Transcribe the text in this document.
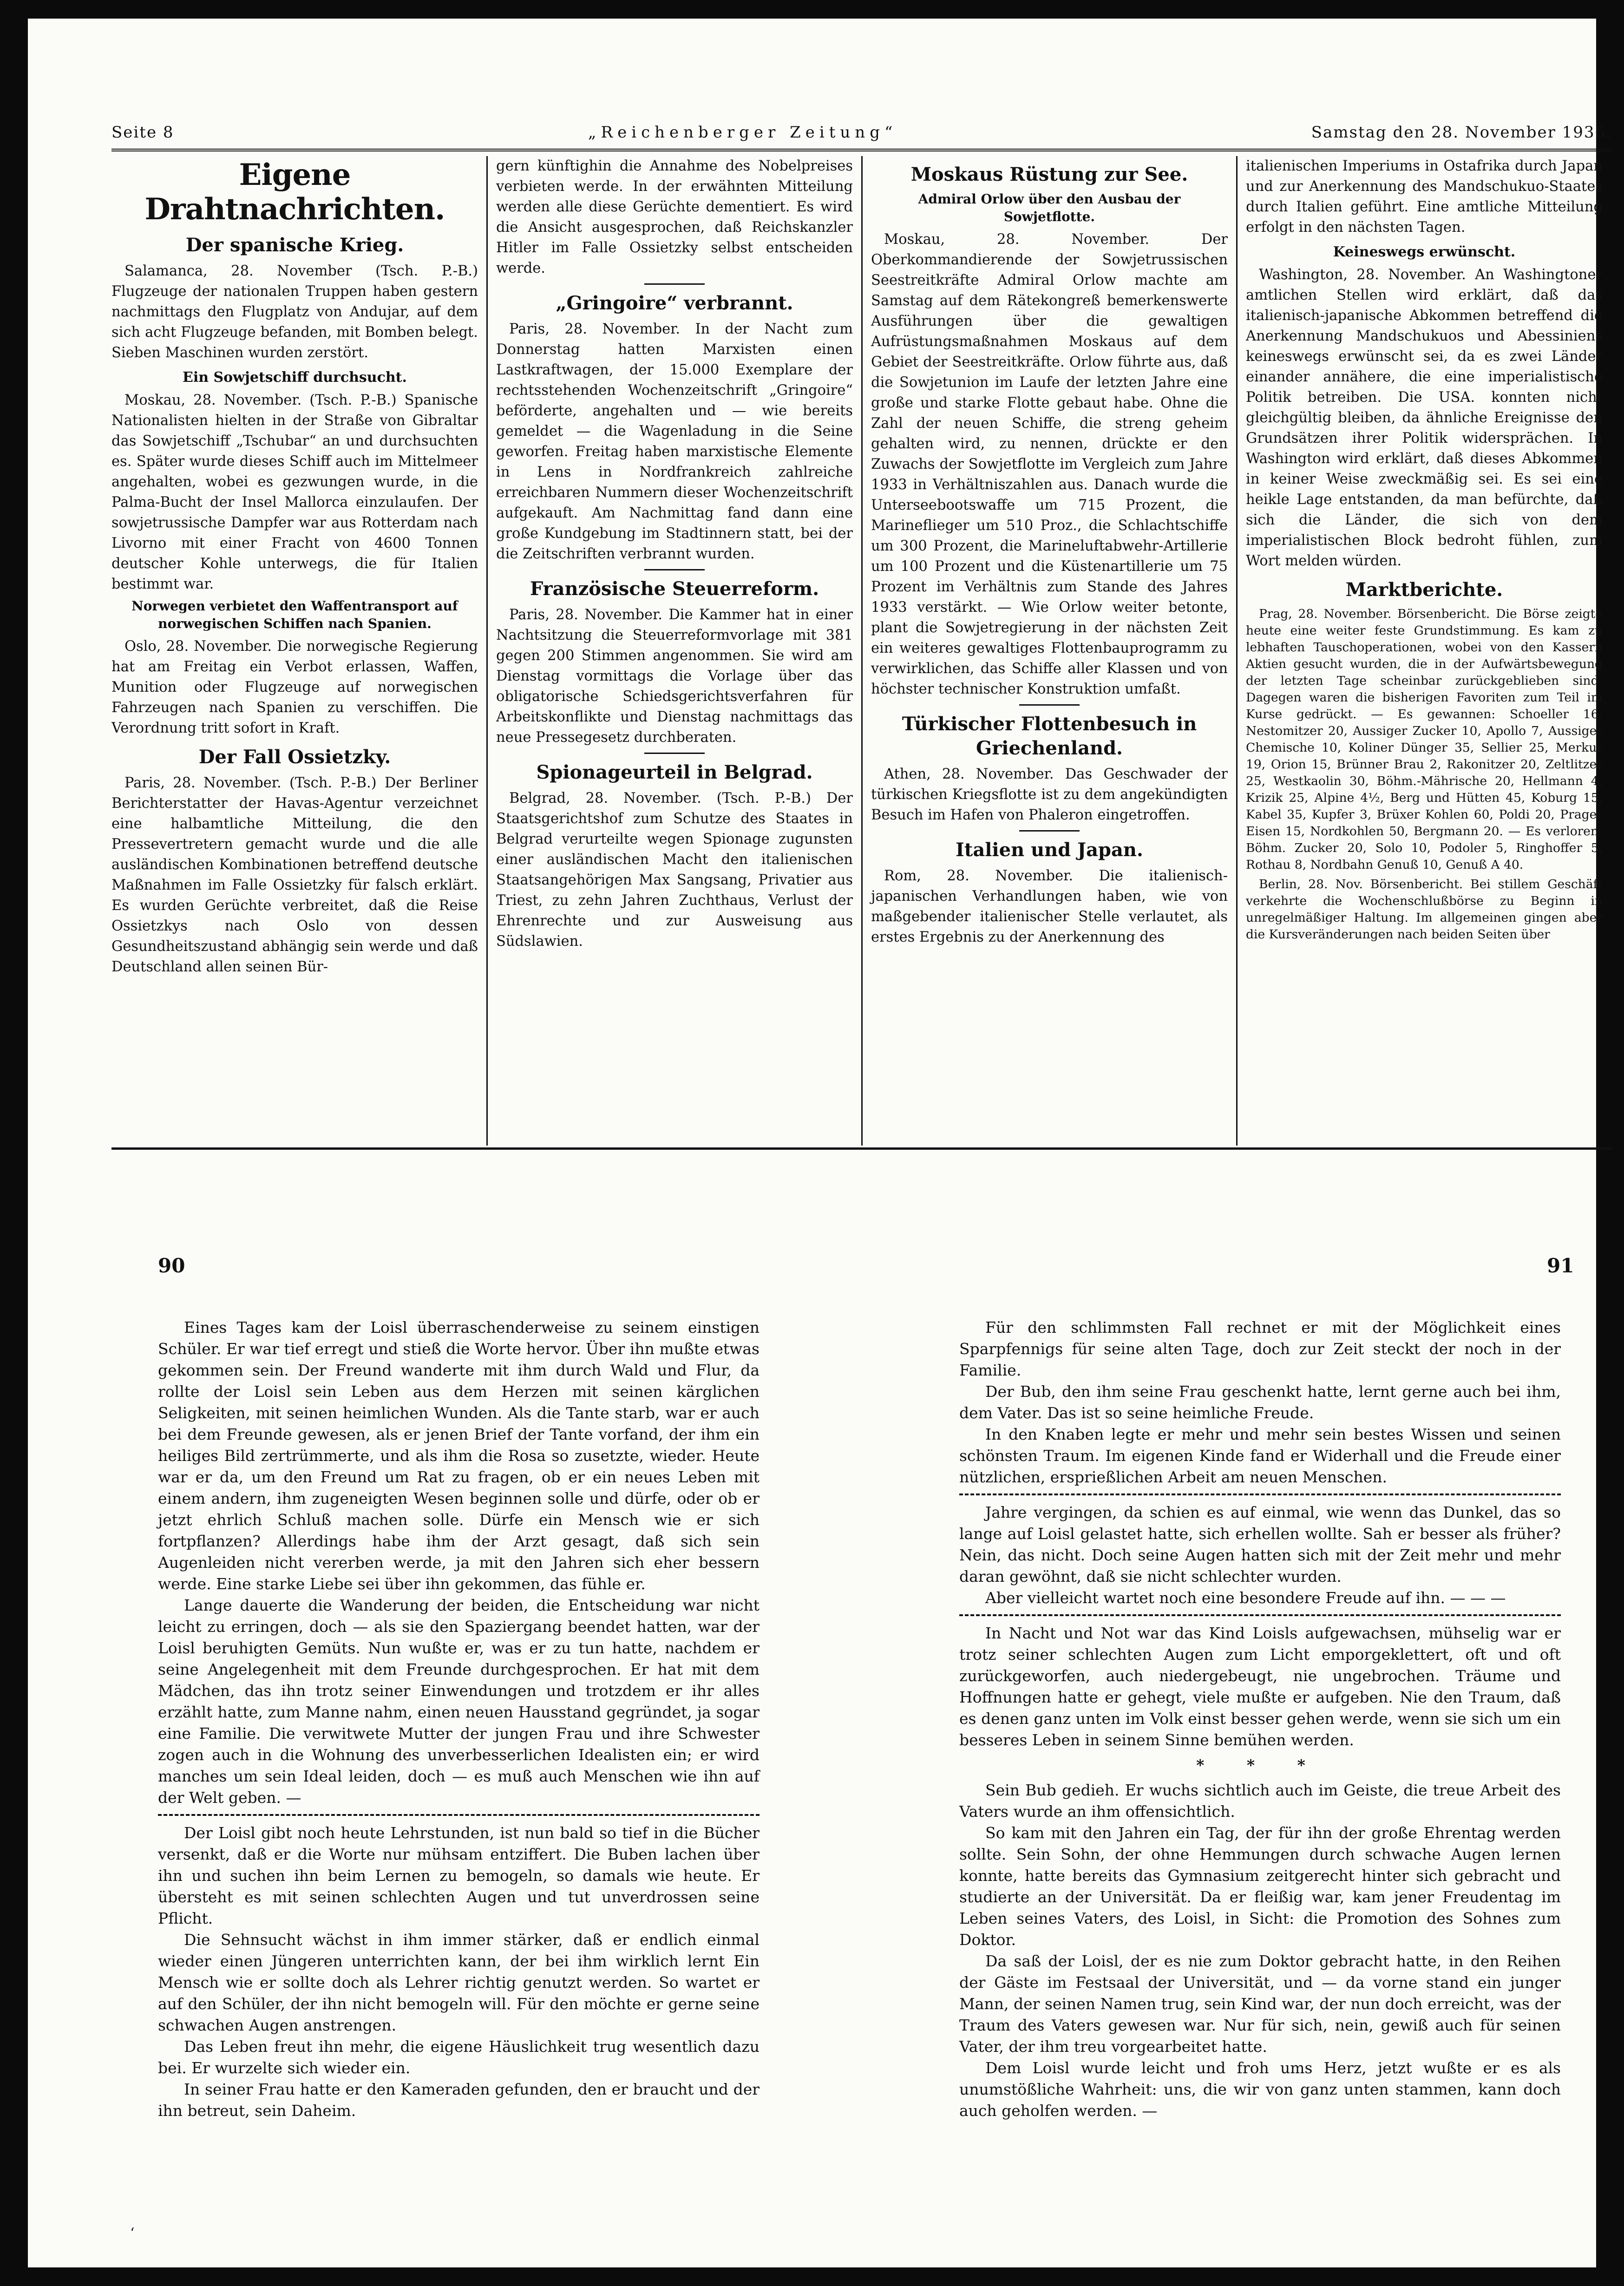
Seite 8	„Reichenberger Zeitung“	Samstag den 28. November 1936.
Eigene Drahtnachrichten.
Der spanische Krieg.

Salamanca, 28. November (Tsch. P.-B.) Flugzeuge der nationalen Truppen haben gestern nachmittags den Flugplatz von Andujar, auf dem sich acht Flugzeuge befanden, mit Bomben belegt. Sieben Maschinen wurden zerstört.

Ein Sowjetschiff durchsucht.

Moskau, 28. November. (Tsch. P.-B.) Spanische Nationalisten hielten in der Straße von Gibraltar das Sowjetschiff „Tschubar“ an und durchsuchten es. Später wurde dieses Schiff auch im Mittelmeer angehalten, wobei es gezwungen wurde, in die Palma-Bucht der Insel Mallorca einzulaufen. Der sowjetrussische Dampfer war aus Rotterdam nach Livorno mit einer Fracht von 4600 Tonnen deutscher Kohle unterwegs, die für Italien bestimmt war.

Norwegen verbietet den Waffentransport auf norwegischen Schiffen nach Spanien.

Oslo, 28. November. Die norwegische Regierung hat am Freitag ein Verbot erlassen, Waffen, Munition oder Flugzeuge auf norwegischen Fahrzeugen nach Spanien zu verschiffen. Die Verordnung tritt sofort in Kraft.

Der Fall Ossietzky.

Paris, 28. November. (Tsch. P.-B.) Der Berliner Berichterstatter der Havas-Agentur verzeichnet eine halbamtliche Mitteilung, die den Pressevertretern gemacht wurde und die alle ausländischen Kombinationen betreffend deutsche Maßnahmen im Falle Ossietzky für falsch erklärt. Es wurden Gerüchte verbreitet, daß die Reise Ossietzkys nach Oslo von dessen Gesundheitszustand abhängig sein werde und daß Deutschland allen seinen Bür-

gern künftighin die Annahme des Nobelpreises verbieten werde. In der erwähnten Mitteilung werden alle diese Gerüchte dementiert. Es wird die Ansicht ausgesprochen, daß Reichskanzler Hitler im Falle Ossietzky selbst entscheiden werde.

„Gringoire“ verbrannt.

Paris, 28. November. In der Nacht zum Donnerstag hatten Marxisten einen Lastkraftwagen, der 15.000 Exemplare der rechtsstehenden Wochenzeitschrift „Gringoire“ beförderte, angehalten und — wie bereits gemeldet — die Wagenladung in die Seine geworfen. Freitag haben marxistische Elemente in Lens in Nordfrankreich zahlreiche erreichbaren Nummern dieser Wochenzeitschrift aufgekauft. Am Nachmittag fand dann eine große Kundgebung im Stadtinnern statt, bei der die Zeitschriften verbrannt wurden.

Französische Steuerreform.

Paris, 28. November. Die Kammer hat in einer Nachtsitzung die Steuerreformvorlage mit 381 gegen 200 Stimmen angenommen. Sie wird am Dienstag vormittags die Vorlage über das obligatorische Schiedsgerichtsverfahren für Arbeitskonflikte und Dienstag nachmittags das neue Pressegesetz durchberaten.

Spionageurteil in Belgrad.

Belgrad, 28. November. (Tsch. P.-B.) Der Staatsgerichtshof zum Schutze des Staates in Belgrad verurteilte wegen Spionage zugunsten einer ausländischen Macht den italienischen Staatsangehörigen Max Sangsang, Privatier aus Triest, zu zehn Jahren Zuchthaus, Verlust der Ehrenrechte und zur Ausweisung aus Südslawien.

Moskaus Rüstung zur See.
Admiral Orlow über den Ausbau der Sowjetflotte.

Moskau, 28. November. Der Oberkommandierende der Sowjetrussischen Seestreitkräfte Admiral Orlow machte am Samstag auf dem Rätekongreß bemerkenswerte Ausführungen über die gewaltigen Aufrüstungsmaßnahmen Moskaus auf dem Gebiet der Seestreitkräfte. Orlow führte aus, daß die Sowjetunion im Laufe der letzten Jahre eine große und starke Flotte gebaut habe. Ohne die Zahl der neuen Schiffe, die streng geheim gehalten wird, zu nennen, drückte er den Zuwachs der Sowjetflotte im Vergleich zum Jahre 1933 in Verhältniszahlen aus. Danach wurde die Unterseebootswaffe um 715 Prozent, die Marineflieger um 510 Proz., die Schlachtschiffe um 300 Prozent, die Marineluftabwehr-Artillerie um 100 Prozent und die Küstenartillerie um 75 Prozent im Verhältnis zum Stande des Jahres 1933 verstärkt. — Wie Orlow weiter betonte, plant die Sowjetregierung in der nächsten Zeit ein weiteres gewaltiges Flottenbauprogramm zu verwirklichen, das Schiffe aller Klassen und von höchster technischer Konstruktion umfaßt.

Türkischer Flottenbesuch in Griechenland.

Athen, 28. November. Das Geschwader der türkischen Kriegsflotte ist zu dem angekündigten Besuch im Hafen von Phaleron eingetroffen.

Italien und Japan.

Rom, 28. November. Die italienisch-japanischen Verhandlungen haben, wie von maßgebender italienischer Stelle verlautet, als erstes Ergebnis zu der Anerkennung des

italienischen Imperiums in Ostafrika durch Japan und zur Anerkennung des Mandschukuo-Staates durch Italien geführt. Eine amtliche Mitteilung erfolgt in den nächsten Tagen.

Keineswegs erwünscht.

Washington, 28. November. An Washingtoner amtlichen Stellen wird erklärt, daß das italienisch-japanische Abkommen betreffend die Anerkennung Mandschukuos und Abessiniens keineswegs erwünscht sei, da es zwei Länder einander annähere, die eine imperialistische Politik betreiben. Die USA. konnten nicht gleichgültig bleiben, da ähnliche Ereignisse den Grundsätzen ihrer Politik widersprächen. In Washington wird erklärt, daß dieses Abkommen in keiner Weise zweckmäßig sei. Es sei eine heikle Lage entstanden, da man befürchte, daß sich die Länder, die sich von dem imperialistischen Block bedroht fühlen, zum Wort melden würden.

Marktberichte.

Prag, 28. November. Börsenbericht. Die Börse zeigte heute eine weiter feste Grundstimmung. Es kam zu lebhaften Tauschoperationen, wobei von den Kassern Aktien gesucht wurden, die in der Aufwärtsbewegung der letzten Tage scheinbar zurückgeblieben sind. Dagegen waren die bisherigen Favoriten zum Teil im Kurse gedrückt. — Es gewannen: Schoeller 16, Nestomitzer 20, Aussiger Zucker 10, Apollo 7, Aussiger Chemische 10, Koliner Dünger 35, Sellier 25, Merkur 19, Orion 15, Brünner Brau 2, Rakonitzer 20, Zeltlitzer 25, Westkaolin 30, Böhm.-Mährische 20, Hellmann 4, Krizik 25, Alpine 4½, Berg und Hütten 45, Koburg 15, Kabel 35, Kupfer 3, Brüxer Kohlen 60, Poldi 20, Prager Eisen 15, Nordkohlen 50, Bergmann 20. — Es verloren: Böhm. Zucker 20, Solo 10, Podoler 5, Ringhoffer 5, Rothau 8, Nordbahn Genuß 10, Genuß A 40.

Berlin, 28. Nov. Börsenbericht. Bei stillem Geschäft verkehrte die Wochenschlußbörse zu Beginn in unregelmäßiger Haltung. Im allgemeinen gingen aber die Kursveränderungen nach beiden Seiten über

90	91

Eines Tages kam der Loisl überraschenderweise zu seinem einstigen Schüler. Er war tief erregt und stieß die Worte hervor. Über ihn mußte etwas gekommen sein. Der Freund wanderte mit ihm durch Wald und Flur, da rollte der Loisl sein Leben aus dem Herzen mit seinen kärglichen Seligkeiten, mit seinen heimlichen Wunden. Als die Tante starb, war er auch bei dem Freunde gewesen, als er jenen Brief der Tante vorfand, der ihm ein heiliges Bild zertrümmerte, und als ihm die Rosa so zusetzte, wieder. Heute war er da, um den Freund um Rat zu fragen, ob er ein neues Leben mit einem andern, ihm zugeneigten Wesen beginnen solle und dürfe, oder ob er jetzt ehrlich Schluß machen solle. Dürfe ein Mensch wie er sich fortpflanzen? Allerdings habe ihm der Arzt gesagt, daß sich sein Augenleiden nicht vererben werde, ja mit den Jahren sich eher bessern werde. Eine starke Liebe sei über ihn gekommen, das fühle er.

Lange dauerte die Wanderung der beiden, die Entscheidung war nicht leicht zu erringen, doch — als sie den Spaziergang beendet hatten, war der Loisl beruhigten Gemüts. Nun wußte er, was er zu tun hatte, nachdem er seine Angelegenheit mit dem Freunde durchgesprochen. Er hat mit dem Mädchen, das ihn trotz seiner Einwendungen und trotzdem er ihr alles erzählt hatte, zum Manne nahm, einen neuen Hausstand gegründet, ja sogar eine Familie. Die verwitwete Mutter der jungen Frau und ihre Schwester zogen auch in die Wohnung des unverbesserlichen Idealisten ein; er wird manches um sein Ideal leiden, doch — es muß auch Menschen wie ihn auf der Welt geben. —

Der Loisl gibt noch heute Lehrstunden, ist nun bald so tief in die Bücher versenkt, daß er die Worte nur mühsam entziffert. Die Buben lachen über ihn und suchen ihn beim Lernen zu bemogeln, so damals wie heute. Er übersteht es mit seinen schlechten Augen und tut unverdrossen seine Pflicht.

Die Sehnsucht wächst in ihm immer stärker, daß er endlich einmal wieder einen Jüngeren unterrichten kann, der bei ihm wirklich lernt Ein Mensch wie er sollte doch als Lehrer richtig genutzt werden. So wartet er auf den Schüler, der ihn nicht bemogeln will. Für den möchte er gerne seine schwachen Augen anstrengen.

Das Leben freut ihn mehr, die eigene Häuslichkeit trug wesentlich dazu bei. Er wurzelte sich wieder ein.

In seiner Frau hatte er den Kameraden gefunden, den er braucht und der ihn betreut, sein Daheim.

Für den schlimmsten Fall rechnet er mit der Möglichkeit eines Sparpfennigs für seine alten Tage, doch zur Zeit steckt der noch in der Familie.

Der Bub, den ihm seine Frau geschenkt hatte, lernt gerne auch bei ihm, dem Vater. Das ist so seine heimliche Freude.

In den Knaben legte er mehr und mehr sein bestes Wissen und seinen schönsten Traum. Im eigenen Kinde fand er Widerhall und die Freude einer nützlichen, ersprießlichen Arbeit am neuen Menschen.

Jahre vergingen, da schien es auf einmal, wie wenn das Dunkel, das so lange auf Loisl gelastet hatte, sich erhellen wollte. Sah er besser als früher? Nein, das nicht. Doch seine Augen hatten sich mit der Zeit mehr und mehr daran gewöhnt, daß sie nicht schlechter wurden.

Aber vielleicht wartet noch eine besondere Freude auf ihn. — — —

In Nacht und Not war das Kind Loisls aufgewachsen, mühselig war er trotz seiner schlechten Augen zum Licht emporgeklettert, oft und oft zurückgeworfen, auch niedergebeugt, nie ungebrochen. Träume und Hoffnungen hatte er gehegt, viele mußte er aufgeben. Nie den Traum, daß es denen ganz unten im Volk einst besser gehen werde, wenn sie sich um ein besseres Leben in seinem Sinne bemühen werden.

* * *

Sein Bub gedieh. Er wuchs sichtlich auch im Geiste, die treue Arbeit des Vaters wurde an ihm offensichtlich.

So kam mit den Jahren ein Tag, der für ihn der große Ehrentag werden sollte. Sein Sohn, der ohne Hemmungen durch schwache Augen lernen konnte, hatte bereits das Gymnasium zeitgerecht hinter sich gebracht und studierte an der Universität. Da er fleißig war, kam jener Freudentag im Leben seines Vaters, des Loisl, in Sicht: die Promotion des Sohnes zum Doktor.

Da saß der Loisl, der es nie zum Doktor gebracht hatte, in den Reihen der Gäste im Festsaal der Universität, und — da vorne stand ein junger Mann, der seinen Namen trug, sein Kind war, der nun doch erreicht, was der Traum des Vaters gewesen war. Nur für sich, nein, gewiß auch für seinen Vater, der ihm treu vorgearbeitet hatte.

Dem Loisl wurde leicht und froh ums Herz, jetzt wußte er es als unumstößliche Wahrheit: uns, die wir von ganz unten stammen, kann doch auch geholfen werden. —

ʻ
